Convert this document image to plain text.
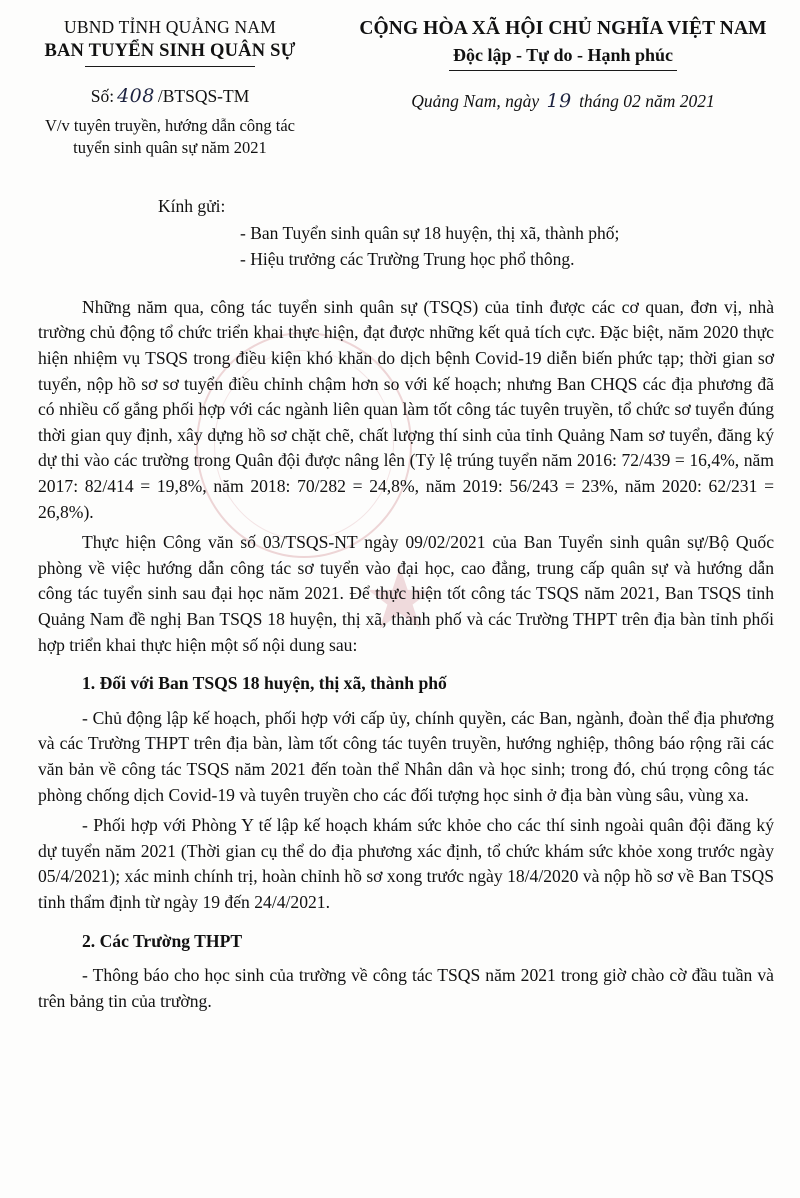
UBND TỈNH QUẢNG NAM
BAN TUYỂN SINH QUÂN SỰ
Số: 408 /BTSQS-TM
V/v tuyên truyền, hướng dẫn công tác
tuyển sinh quân sự năm 2021
CỘNG HÒA XÃ HỘI CHỦ NGHĨA VIỆT NAM
Độc lập - Tự do - Hạnh phúc
Quảng Nam, ngày 19 tháng 02 năm 2021
Kính gửi:
- Ban Tuyển sinh quân sự 18 huyện, thị xã, thành phố;
- Hiệu trưởng các Trường Trung học phổ thông.

Những năm qua, công tác tuyển sinh quân sự (TSQS) của tỉnh được các cơ quan, đơn vị, nhà trường chủ động tổ chức triển khai thực hiện, đạt được những kết quả tích cực. Đặc biệt, năm 2020 thực hiện nhiệm vụ TSQS trong điều kiện khó khăn do dịch bệnh Covid-19 diễn biến phức tạp; thời gian sơ tuyển, nộp hồ sơ sơ tuyển điều chỉnh chậm hơn so với kế hoạch; nhưng Ban CHQS các địa phương đã có nhiều cố gắng phối hợp với các ngành liên quan làm tốt công tác tuyên truyền, tổ chức sơ tuyển đúng thời gian quy định, xây dựng hồ sơ chặt chẽ, chất lượng thí sinh của tỉnh Quảng Nam sơ tuyển, đăng ký dự thi vào các trường trong Quân đội được nâng lên (Tỷ lệ trúng tuyển năm 2016: 72/439 = 16,4%, năm 2017: 82/414 = 19,8%, năm 2018: 70/282 = 24,8%, năm 2019: 56/243 = 23%, năm 2020: 62/231 = 26,8%).

Thực hiện Công văn số 03/TSQS-NT ngày 09/02/2021 của Ban Tuyển sinh quân sự/Bộ Quốc phòng về việc hướng dẫn công tác sơ tuyển vào đại học, cao đẳng, trung cấp quân sự và hướng dẫn công tác tuyển sinh sau đại học năm 2021. Để thực hiện tốt công tác TSQS năm 2021, Ban TSQS tỉnh Quảng Nam đề nghị Ban TSQS 18 huyện, thị xã, thành phố và các Trường THPT trên địa bàn tỉnh phối hợp triển khai thực hiện một số nội dung sau:

1. Đối với Ban TSQS 18 huyện, thị xã, thành phố

- Chủ động lập kế hoạch, phối hợp với cấp ủy, chính quyền, các Ban, ngành, đoàn thể địa phương và các Trường THPT trên địa bàn, làm tốt công tác tuyên truyền, hướng nghiệp, thông báo rộng rãi các văn bản về công tác TSQS năm 2021 đến toàn thể Nhân dân và học sinh; trong đó, chú trọng công tác phòng chống dịch Covid-19 và tuyên truyền cho các đối tượng học sinh ở địa bàn vùng sâu, vùng xa.

- Phối hợp với Phòng Y tế lập kế hoạch khám sức khỏe cho các thí sinh ngoài quân đội đăng ký dự tuyển năm 2021 (Thời gian cụ thể do địa phương xác định, tổ chức khám sức khỏe xong trước ngày 05/4/2021); xác minh chính trị, hoàn chỉnh hồ sơ xong trước ngày 18/4/2020 và nộp hồ sơ về Ban TSQS tỉnh thẩm định từ ngày 19 đến 24/4/2021.

2. Các Trường THPT

- Thông báo cho học sinh của trường về công tác TSQS năm 2021 trong giờ chào cờ đầu tuần và trên bảng tin của trường.
